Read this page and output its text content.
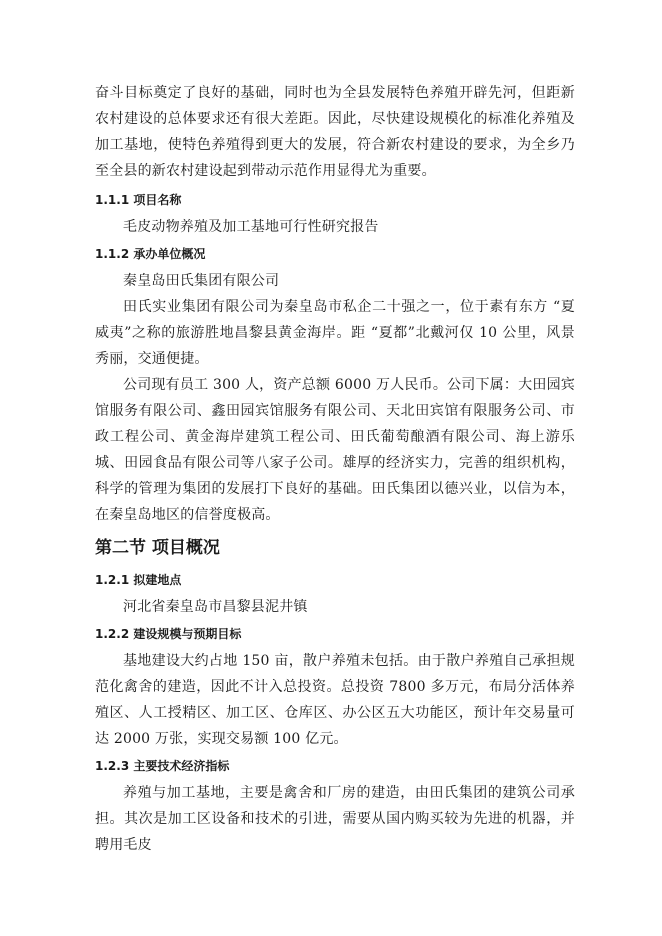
奋斗目标奠定了良好的基础，同时也为全县发展特色养殖开辟先河，但距新农村建设的总体要求还有很大差距。因此，尽快建设规模化的标准化养殖及加工基地，使特色养殖得到更大的发展，符合新农村建设的要求，为全乡乃至全县的新农村建设起到带动示范作用显得尤为重要。

1.1.1 项目名称

毛皮动物养殖及加工基地可行性研究报告

1.1.2 承办单位概况

秦皇岛田氏集团有限公司

田氏实业集团有限公司为秦皇岛市私企二十强之一，位于素有东方 “夏威夷”之称的旅游胜地昌黎县黄金海岸。距 “夏都”北戴河仅 10 公里，风景秀丽，交通便捷。

公司现有员工 300 人，资产总额 6000 万人民币。公司下属：大田园宾馆服务有限公司、鑫田园宾馆服务有限公司、天北田宾馆有限服务公司、市政工程公司、黄金海岸建筑工程公司、田氏葡萄酿酒有限公司、海上游乐城、田园食品有限公司等八家子公司。雄厚的经济实力，完善的组织机构，科学的管理为集团的发展打下良好的基础。田氏集团以德兴业，以信为本，在秦皇岛地区的信誉度极高。

第二节 项目概况

1.2.1 拟建地点

河北省秦皇岛市昌黎县泥井镇

1.2.2 建设规模与预期目标

基地建设大约占地 150 亩，散户养殖未包括。由于散户养殖自己承担规范化禽舍的建造，因此不计入总投资。总投资 7800 多万元，布局分活体养殖区、人工授精区、加工区、仓库区、办公区五大功能区，预计年交易量可达 2000 万张，实现交易额 100 亿元。

1.2.3 主要技术经济指标

养殖与加工基地，主要是禽舍和厂房的建造，由田氏集团的建筑公司承担。其次是加工区设备和技术的引进，需要从国内购买较为先进的机器，并聘用毛皮
